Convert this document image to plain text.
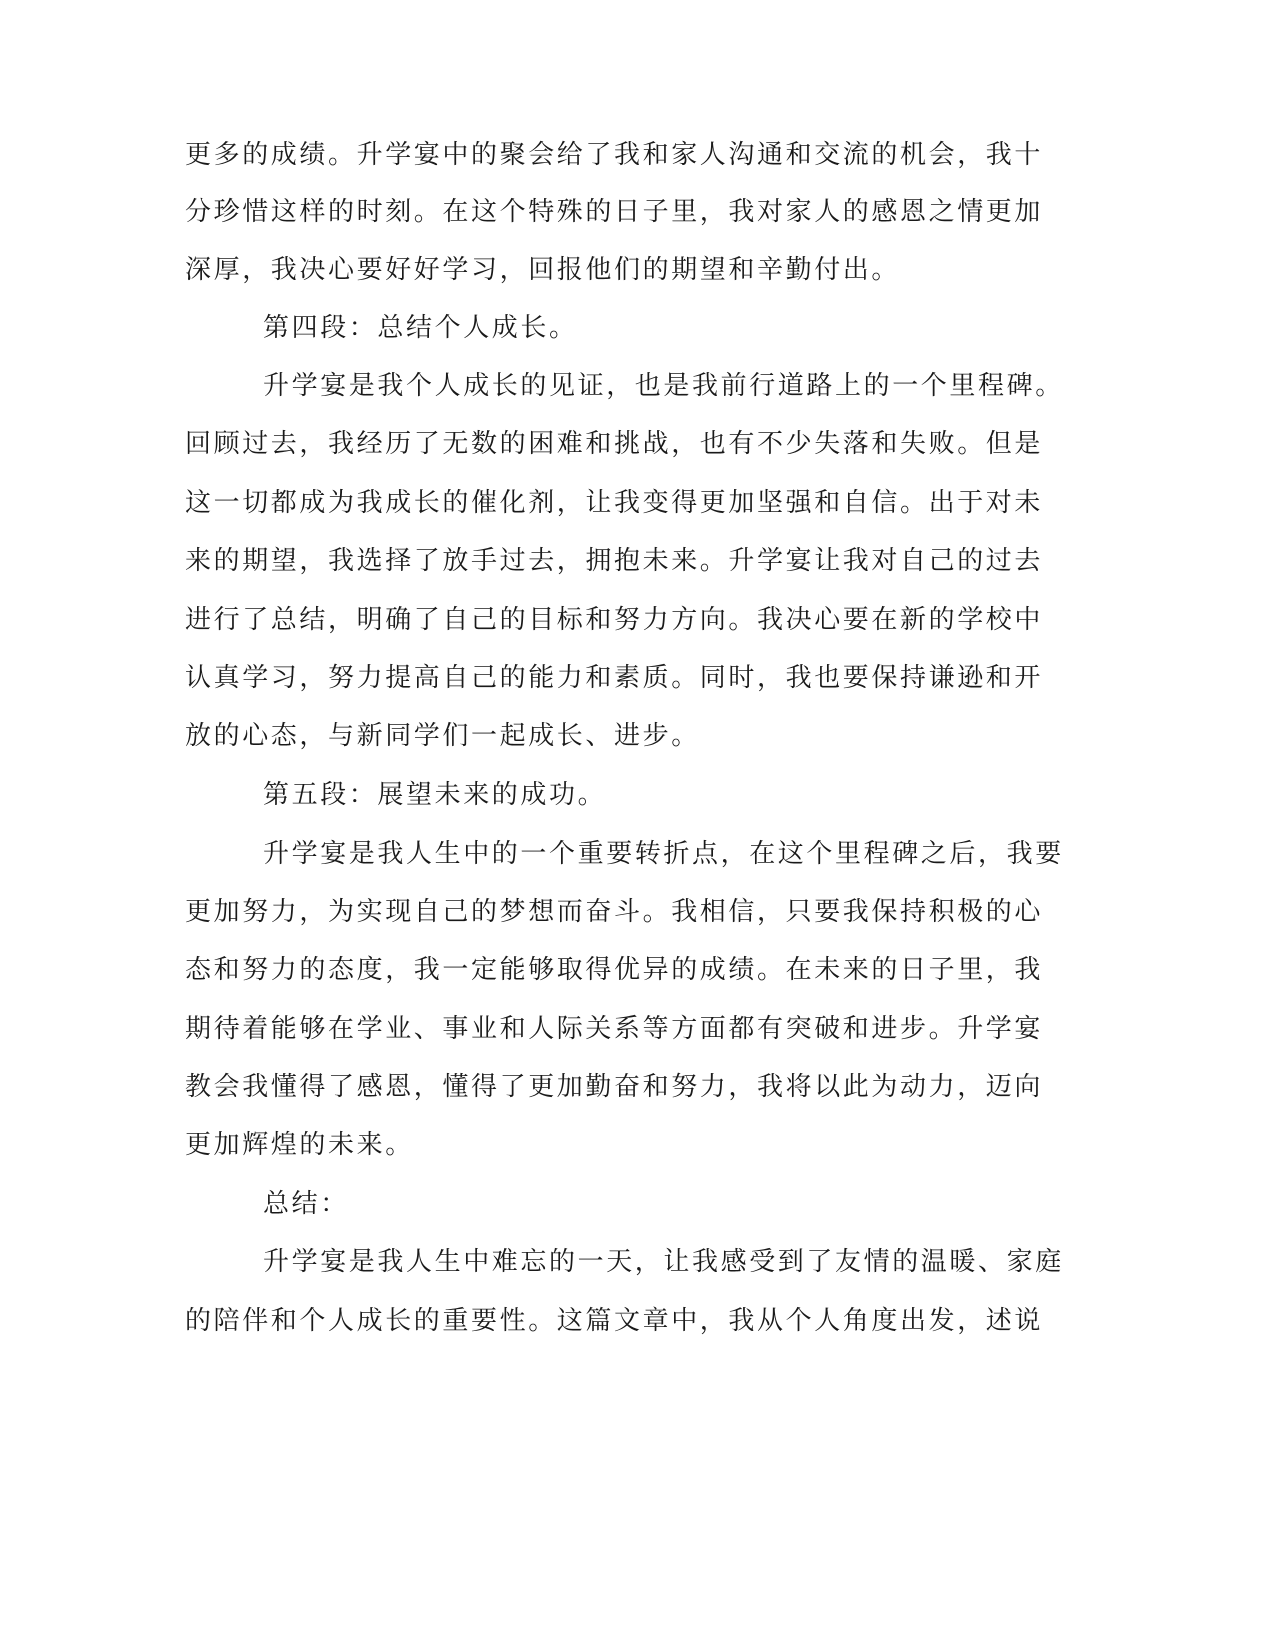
更多的成绩。升学宴中的聚会给了我和家人沟通和交流的机会，我十
分珍惜这样的时刻。在这个特殊的日子里，我对家人的感恩之情更加
深厚，我决心要好好学习，回报他们的期望和辛勤付出。
第四段：总结个人成长。
升学宴是我个人成长的见证，也是我前行道路上的一个里程碑。
回顾过去，我经历了无数的困难和挑战，也有不少失落和失败。但是
这一切都成为我成长的催化剂，让我变得更加坚强和自信。出于对未
来的期望，我选择了放手过去，拥抱未来。升学宴让我对自己的过去
进行了总结，明确了自己的目标和努力方向。我决心要在新的学校中
认真学习，努力提高自己的能力和素质。同时，我也要保持谦逊和开
放的心态，与新同学们一起成长、进步。
第五段：展望未来的成功。
升学宴是我人生中的一个重要转折点，在这个里程碑之后，我要
更加努力，为实现自己的梦想而奋斗。我相信，只要我保持积极的心
态和努力的态度，我一定能够取得优异的成绩。在未来的日子里，我
期待着能够在学业、事业和人际关系等方面都有突破和进步。升学宴
教会我懂得了感恩，懂得了更加勤奋和努力，我将以此为动力，迈向
更加辉煌的未来。
总结：
升学宴是我人生中难忘的一天，让我感受到了友情的温暖、家庭
的陪伴和个人成长的重要性。这篇文章中，我从个人角度出发，述说
